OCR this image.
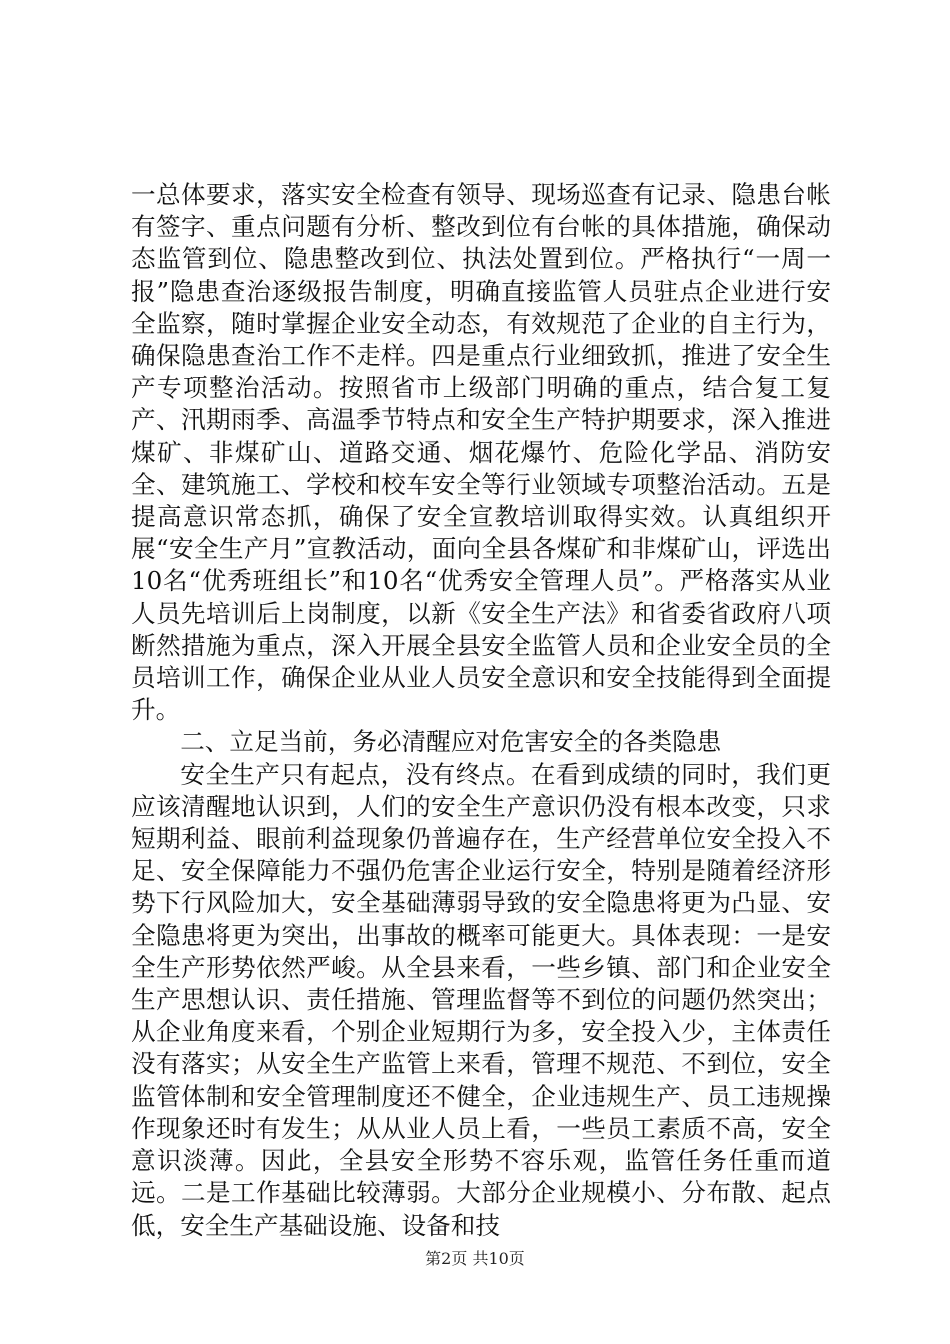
一总体要求，落实安全检查有领导、现场巡查有记录、隐患台帐有签字、重点问题有分析、整改到位有台帐的具体措施，确保动态监管到位、隐患整改到位、执法处置到位。严格执行“一周一报”隐患查治逐级报告制度，明确直接监管人员驻点企业进行安全监察，随时掌握企业安全动态，有效规范了企业的自主行为，确保隐患查治工作不走样。四是重点行业细致抓，推进了安全生产专项整治活动。按照省市上级部门明确的重点，结合复工复产、汛期雨季、高温季节特点和安全生产特护期要求，深入推进煤矿、非煤矿山、道路交通、烟花爆竹、危险化学品、消防安全、建筑施工、学校和校车安全等行业领域专项整治活动。五是提高意识常态抓，确保了安全宣教培训取得实效。认真组织开展“安全生产月”宣教活动，面向全县各煤矿和非煤矿山，评选出10名“优秀班组长”和10名“优秀安全管理人员”。严格落实从业人员先培训后上岗制度，以新《安全生产法》和省委省政府八项断然措施为重点，深入开展全县安全监管人员和企业安全员的全员培训工作，确保企业从业人员安全意识和安全技能得到全面提升。

二、立足当前，务必清醒应对危害安全的各类隐患

安全生产只有起点，没有终点。在看到成绩的同时，我们更应该清醒地认识到，人们的安全生产意识仍没有根本改变，只求短期利益、眼前利益现象仍普遍存在，生产经营单位安全投入不足、安全保障能力不强仍危害企业运行安全，特别是随着经济形势下行风险加大，安全基础薄弱导致的安全隐患将更为凸显、安全隐患将更为突出，出事故的概率可能更大。具体表现：一是安全生产形势依然严峻。从全县来看，一些乡镇、部门和企业安全生产思想认识、责任措施、管理监督等不到位的问题仍然突出；从企业角度来看，个别企业短期行为多，安全投入少，主体责任没有落实；从安全生产监管上来看，管理不规范、不到位，安全监管体制和安全管理制度还不健全，企业违规生产、员工违规操作现象还时有发生；从从业人员上看，一些员工素质不高，安全意识淡薄。因此，全县安全形势不容乐观，监管任务任重而道远。二是工作基础比较薄弱。大部分企业规模小、分布散、起点低，安全生产基础设施、设备和技

第2页 共10页
